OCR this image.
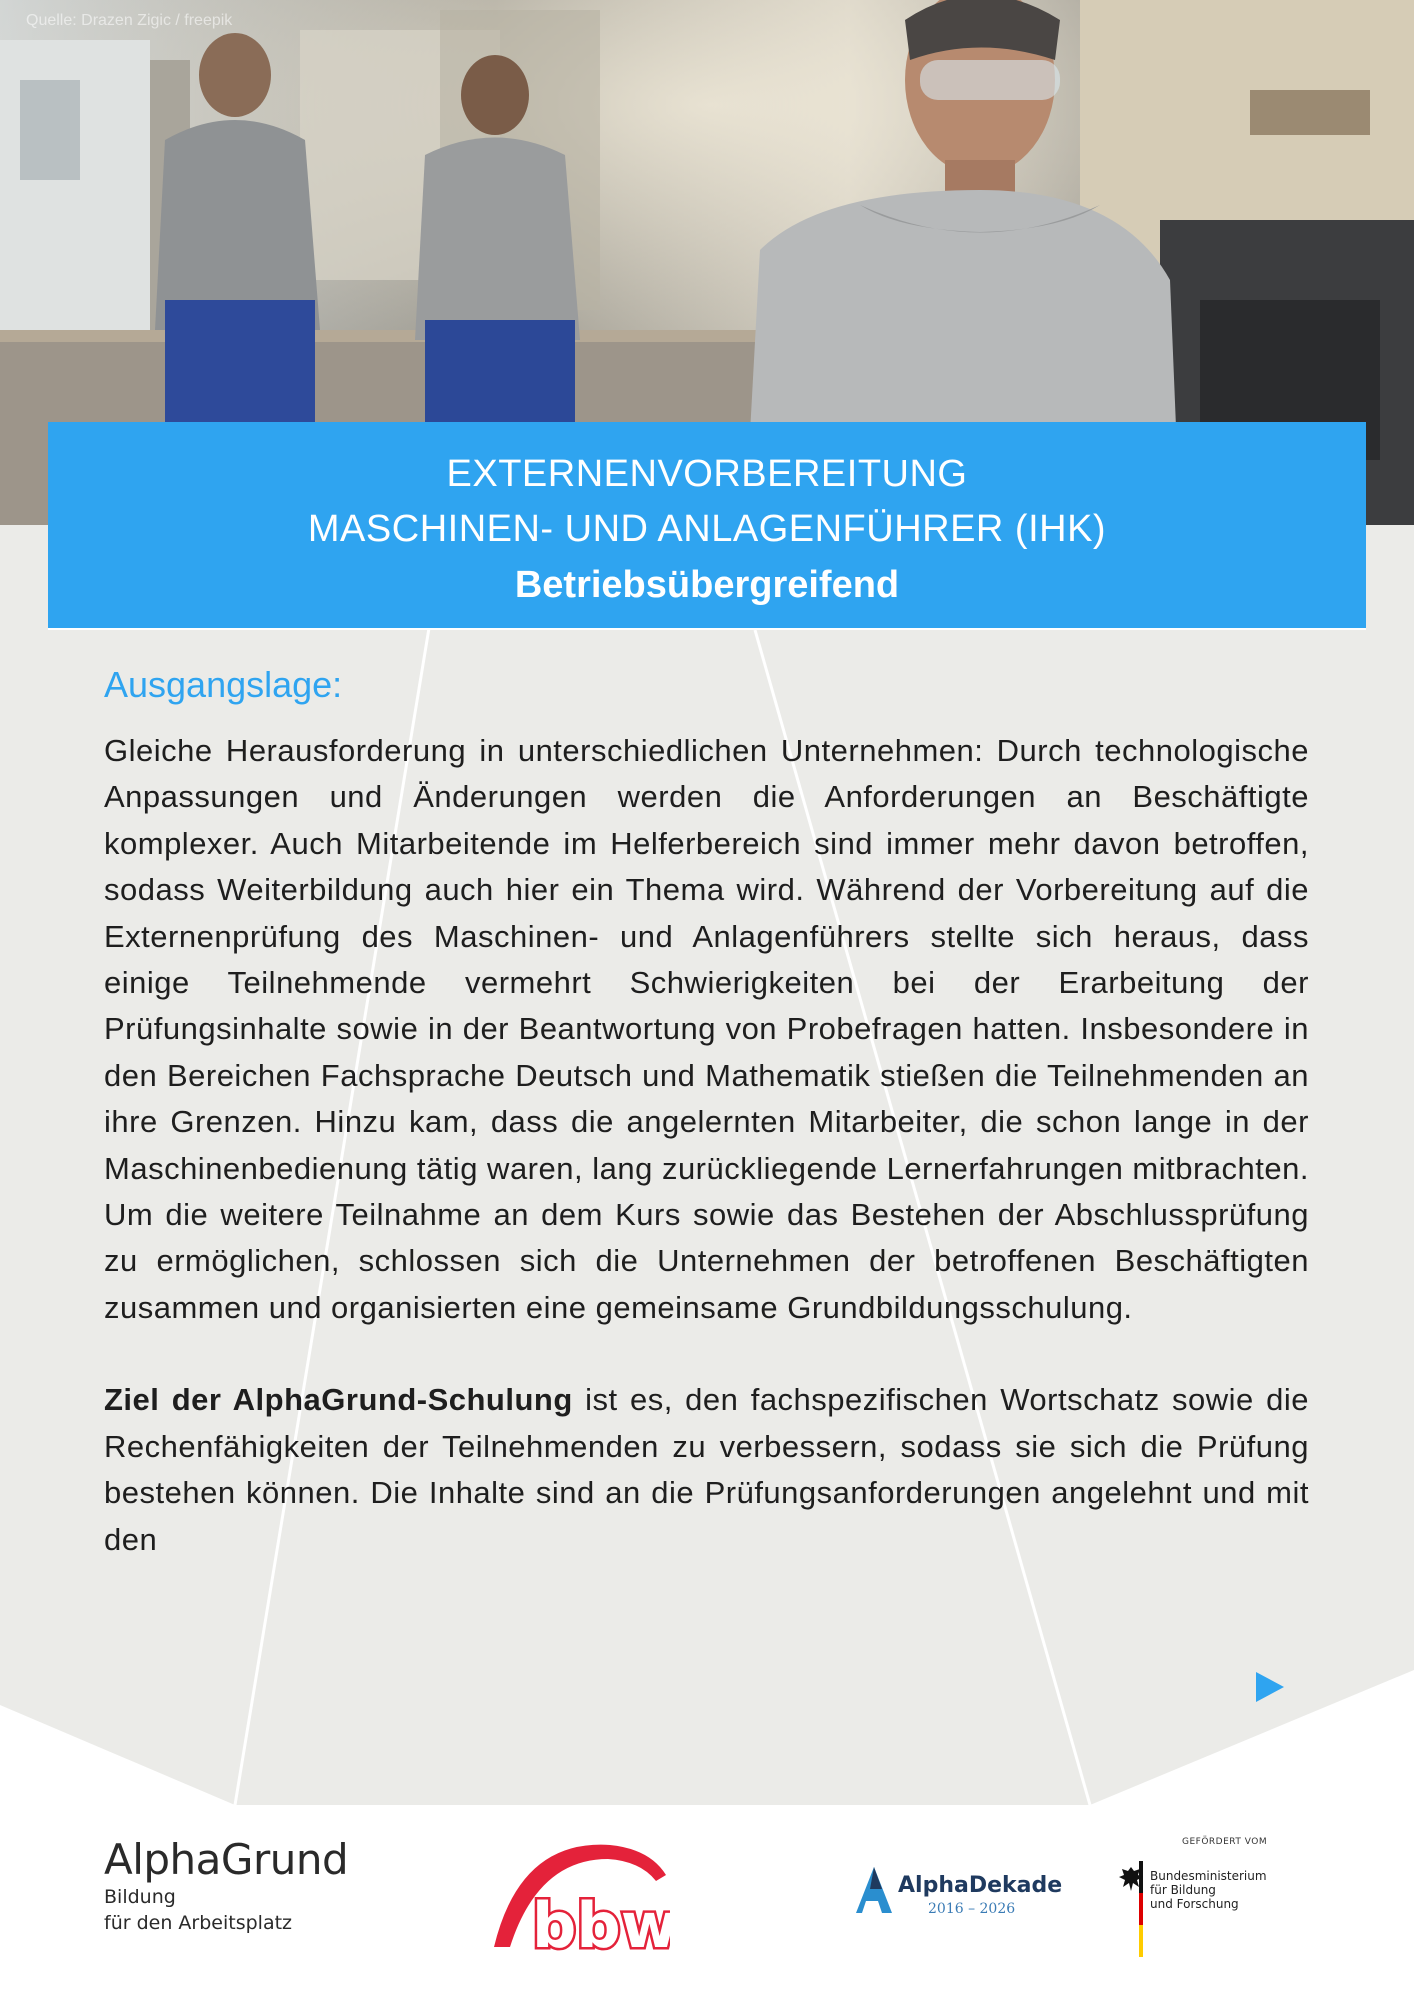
Quelle: Drazen Zigic / freepik
EXTERNENVORBEREITUNG
MASCHINEN- UND ANLAGENFÜHRER (IHK)
Betriebsübergreifend
Ausgangslage:

Gleiche Herausforderung in unterschiedlichen Unternehmen: Durch technologische Anpassungen und Änderungen werden die Anforderungen an Beschäftigte komplexer. Auch Mitarbeitende im Helferbereich sind immer mehr davon betroffen, sodass Weiterbildung auch hier ein Thema wird. Während der Vorbereitung auf die Externenprüfung des Maschinen- und Anlagenführers stellte sich heraus, dass einige Teilnehmende vermehrt Schwierigkeiten bei der Erarbeitung der Prüfungsinhalte sowie in der Beantwortung von Probefragen hatten. Insbesondere in den Bereichen Fachsprache Deutsch und Mathematik stießen die Teilnehmenden an ihre Grenzen. Hinzu kam, dass die angelernten Mitarbeiter, die schon lange in der Maschinenbedienung tätig waren, lang zurückliegende Lernerfahrungen mitbrachten. Um die weitere Teilnahme an dem Kurs sowie das Bestehen der Abschlussprüfung zu ermöglichen, schlossen sich die Unternehmen der betroffenen Beschäftigten zusammen und organisierten eine gemeinsame Grundbildungsschulung.

Ziel der AlphaGrund-Schulung ist es, den fachspezifischen Wortschatz sowie die Rechenfähigkeiten der Teilnehmenden zu verbessern, sodass sie sich die Prüfung bestehen können. Die Inhalte sind an die Prüfungsanforderungen angelehnt und mit den

AlphaGrund
Bildung
für den Arbeitsplatz	bbw
AlphaDekade
2016 – 2026
GEFÖRDERT VOM
Bundesministerium
für Bildung
und Forschung
